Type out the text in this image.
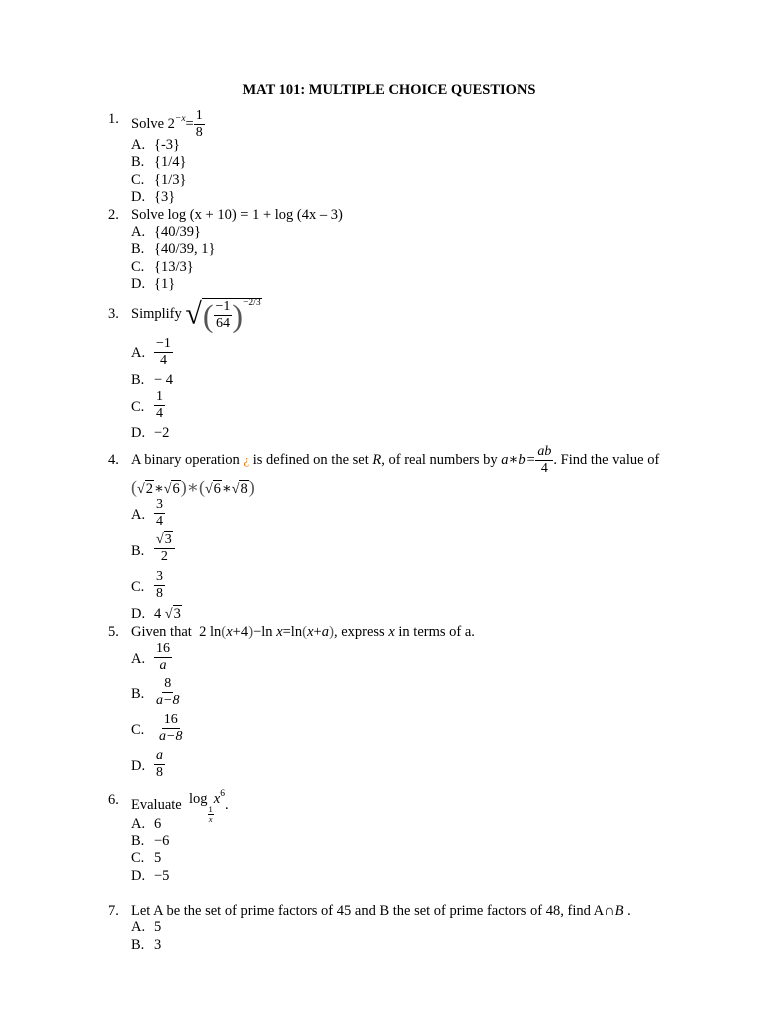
MAT 101: MULTIPLE CHOICE QUESTIONS
1. Solve $2^{-x}= \frac{1}{8}$
A. {-3}
B. {1/4}
C. {1/3}
D. {3}
2. Solve log (x + 10) = 1 + log (4x – 3)
A. {40/39}
B. {40/39, 1}
C. {13/3}
D. {1}
3. Simplify √( $\frac{-1}{64} )^{-2/3}$
A. $\frac{-1}{4}$
B. − 4
C. $\frac{1}{4}$
D. −2
4. A binary operation ¿ is defined on the set R, of real numbers by a∗b= $\frac{ab}{4}$ . Find the value of
(√2∗√6)∗(√6∗√8)
A. $\frac{3}{4}$
B. $\frac{√3}{2}$
C. $\frac{3}{8}$
D. 4 √3
5. Given that 2 ln(x+4)−ln x=ln(x+a), express x in terms of a.
A. $\frac{16}{a}$
B. $\frac{8}{a-8}$
C. $\frac{16}{a-8}$
D. $\frac{a}{8}$
6. Evaluate log
$\frac{1}{x}$
$x^6$.
A. 6
B. −6
C. 5
D. −5
7. Let A be the set of prime factors of 45 and B the set of prime factors of 48, find A∩B .
A. 5
B. 3
